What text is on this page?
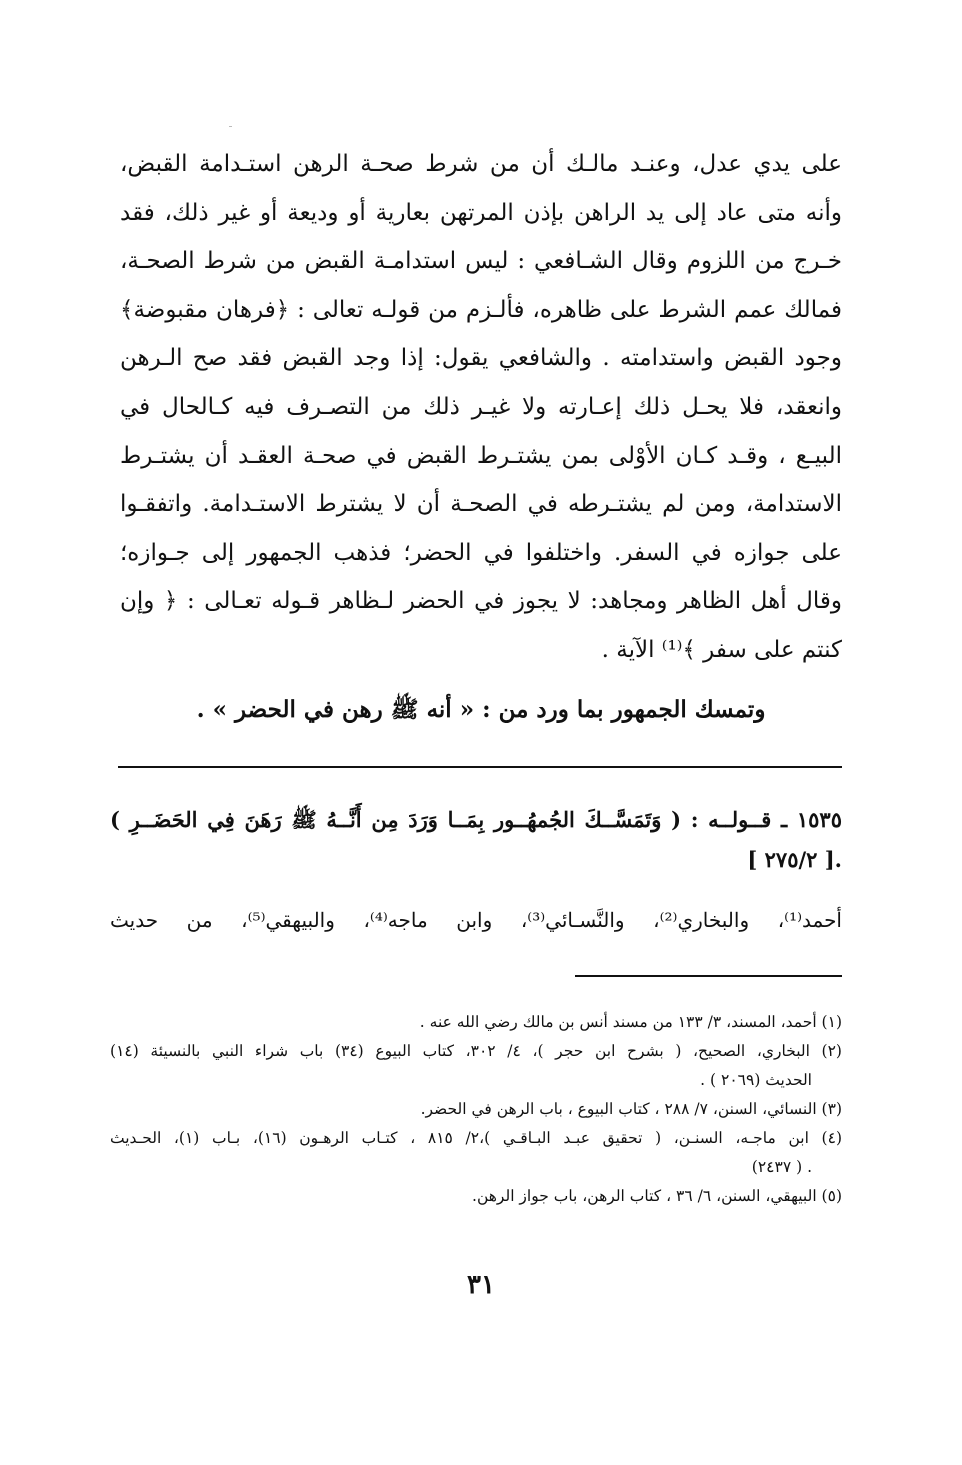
على يدي عدل، وعنـد مالـك أن من شرط صحـة الرهن استـدامة القبض،
وأنه متى عاد إلى يد الراهن بإذن المرتهن بعارية أو وديعة أو غير ذلك، فقد
خـرج من اللزوم وقال الشـافعي : ليس استدامـة القبض من شرط الصحـة،
فمالك عمم الشرط على ظاهره، فألـزم من قولـه تعالى : ﴿فرهان مقبوضة﴾
وجود القبض واستدامته . والشافعي يقول: إذا وجد القبض فقد صح الـرهن
وانعقد، فلا يحـل ذلك إعـارته ولا غيـر ذلك من التصـرف فيه كـالحال في
البيـع ، وقـد كـان الأوْلى بمن يشتـرط القبض في صحـة العقـد أن يشتـرط
الاستدامة، ومن لم يشتـرطه في الصحـة أن لا يشترط الاستـدامة. واتفقـوا
على جوازه في السفر. واختلفوا في الحضر؛ فذهب الجمهور إلى جـوازه؛
وقال أهل الظاهر ومجاهد: لا يجوز في الحضر لـظاهر قـوله تعـالى : ﴿ وإن
كنتم على سفر ﴾⁽¹⁾ الآية .
وتمسك الجمهور بما ورد من : « أنه ﷺ رهن في الحضر » .
١٥٣٥ ـ قــولــه : ( وَتَمَسَّــكَ الجُمهُــور بِمَــا وَرَدَ مِن أَنَّــهُ ﷺ رَهَنَ فِي الحَضَــرِ )
.[ ٢٧٥/٢ ]
أحمد⁽¹⁾، والبخاري⁽²⁾، والنَّسـائي⁽³⁾، وابن ماجه⁽⁴⁾، والبيهقي⁽⁵⁾، من حديث
(١) أحمد، المسند، ٣/ ١٣٣ من مسند أنس بن مالك رضي الله عنه .
(٢) البخاري، الصحيح، ( بشرح ابن حجر )، ٤/ ٣٠٢، كتاب البيوع (٣٤) باب شراء النبي بالنسيئة (١٤)
الحديث (٢٠٦٩ ) .
(٣) النسائي، السنن، ٧/ ٢٨٨ ، كتاب البيوع ، باب الرهن في الحضر.
(٤) ابن ماجـه، السنـن، ( تحقيق عبـد البـاقـي )،٢/ ٨١٥ ، كتـاب الرهـون (١٦)، بـاب (١)، الحـديث
. ( ٢٤٣٧)
(٥) البيهقي، السنن، ٦/ ٣٦ ، كتاب الرهن، باب جواز الرهن.
٣١
